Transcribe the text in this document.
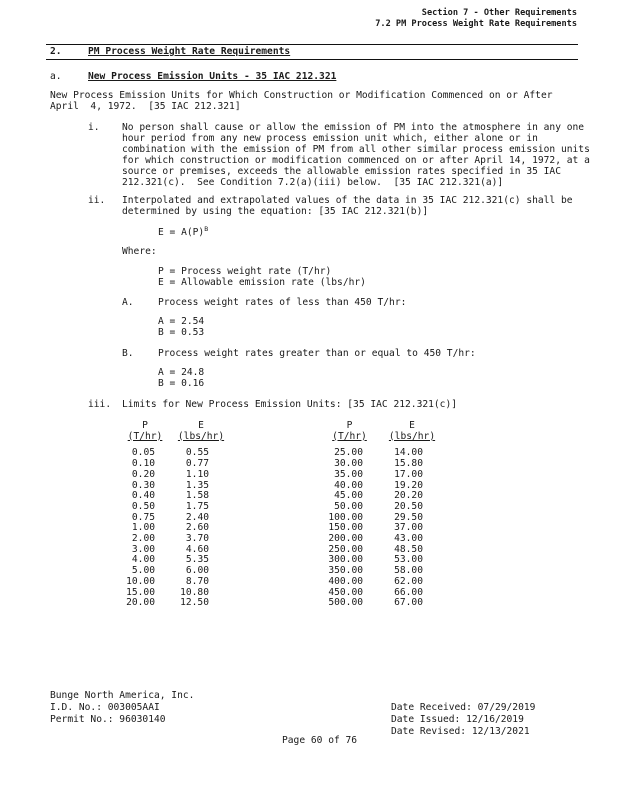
Section 7 - Other Requirements
7.2 PM Process Weight Rate Requirements
2.	PM Process Weight Rate Requirements
a.	New Process Emission Units - 35 IAC 212.321
New Process Emission Units for Which Construction or Modification Commenced on or After
April  4, 1972.  [35 IAC 212.321]
i. No person shall cause or allow the emission of PM into the atmosphere in any one
hour period from any new process emission unit which, either alone or in
combination with the emission of PM from all other similar process emission units
for which construction or modification commenced on or after April 14, 1972, at a
source or premises, exceeds the allowable emission rates specified in 35 IAC
212.321(c).  See Condition 7.2(a)(iii) below.  [35 IAC 212.321(a)]
ii. Interpolated and extrapolated values of the data in 35 IAC 212.321(c) shall be
determined by using the equation: [35 IAC 212.321(b)]
$E = A(P)^B$
Where:
P = Process weight rate (T/hr)
E = Allowable emission rate (lbs/hr)
A.	Process weight rates of less than 450 T/hr:
A = 2.54
B = 0.53
B.	Process weight rates greater than or equal to 450 T/hr:
A = 24.8
B = 0.16
iii. Limits for New Process Emission Units: [35 IAC 212.321(c)]
P	E		P	E
(T/hr)	(lbs/hr)		(T/hr)	(lbs/hr)

0.05	0.55		25.00	14.00
0.10	0.77		30.00	15.80
0.20	1.10		35.00	17.00
0.30	1.35		40.00	19.20
0.40	1.58		45.00	20.20
0.50	1.75		50.00	20.50
0.75	2.40		100.00	29.50
1.00	2.60		150.00	37.00
2.00	3.70		200.00	43.00
3.00	4.60		250.00	48.50
4.00	5.35		300.00	53.00
5.00	6.00		350.00	58.00
10.00	8.70		400.00	62.00
15.00	10.80		450.00	66.00
20.00	12.50		500.00	67.00
Bunge North America, Inc.
I.D. No.: 003005AAI
Permit No.: 96030140
Date Received: 07/29/2019
Date Issued: 12/16/2019
Date Revised: 12/13/2021
Page 60 of 76
